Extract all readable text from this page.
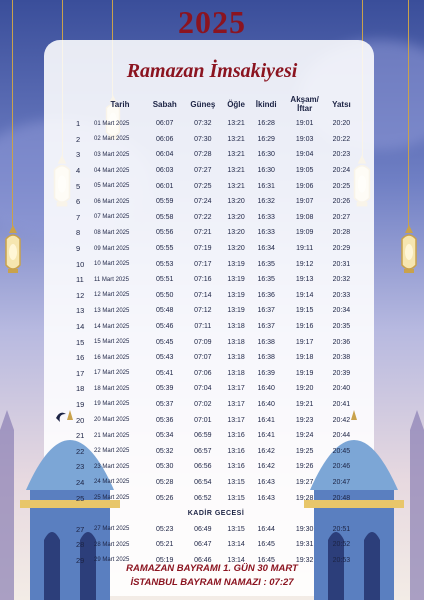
2025
Ramazan İmsakiyesi
	Tarih	Sabah	Güneş	Öğle	İkindi	Akşam/
İftar	Yatsı
1	01 Mart 2025	06:07	07:32	13:21	16:28	19:01	20:20
2	02 Mart 2025	06:06	07:30	13:21	16:29	19:03	20:22
3	03 Mart 2025	06:04	07:28	13:21	16:30	19:04	20:23
4	04 Mart 2025	06:03	07:27	13:21	16:30	19:05	20:24
5	05 Mart 2025	06:01	07:25	13:21	16:31	19:06	20:25
6	06 Mart 2025	05:59	07:24	13:20	16:32	19:07	20:26
7	07 Mart 2025	05:58	07:22	13:20	16:33	19:08	20:27
8	08 Mart 2025	05:56	07:21	13:20	16:33	19:09	20:28
9	09 Mart 2025	05:55	07:19	13:20	16:34	19:11	20:29
10	10 Mart 2025	05:53	07:17	13:19	16:35	19:12	20:31
11	11 Mart 2025	05:51	07:16	13:19	16:35	19:13	20:32
12	12 Mart 2025	05:50	07:14	13:19	16:36	19:14	20:33
13	13 Mart 2025	05:48	07:12	13:19	16:37	19:15	20:34
14	14 Mart 2025	05:46	07:11	13:18	16:37	19:16	20:35
15	15 Mart 2025	05:45	07:09	13:18	16:38	19:17	20:36
16	16 Mart 2025	05:43	07:07	13:18	16:38	19:18	20:38
17	17 Mart 2025	05:41	07:06	13:18	16:39	19:19	20:39
18	18 Mart 2025	05:39	07:04	13:17	16:40	19:20	20:40
19	19 Mart 2025	05:37	07:02	13:17	16:40	19:21	20:41
20	20 Mart 2025	05:36	07:01	13:17	16:41	19:23	20:42
21	21 Mart 2025	05:34	06:59	13:16	16:41	19:24	20:44
22	22 Mart 2025	05:32	06:57	13:16	16:42	19:25	20:45
23	23 Mart 2025	05:30	06:56	13:16	16:42	19:26	20:46
24	24 Mart 2025	05:28	06:54	13:15	16:43	19:27	20:47
25	25 Mart 2025	05:26	06:52	13:15	16:43	19:28	20:48
KADİR GECESİ							
27	27 Mart 2025	05:23	06:49	13:15	16:44	19:30	20:51
28	28 Mart 2025	05:21	06:47	13:14	16:45	19:31	20:52
29	29 Mart 2025	05:19	06:46	13:14	16:45	19:32	20:53
RAMAZAN BAYRAMI 1. GÜN 30 MART
İSTANBUL BAYRAM NAMAZI : 07:27
